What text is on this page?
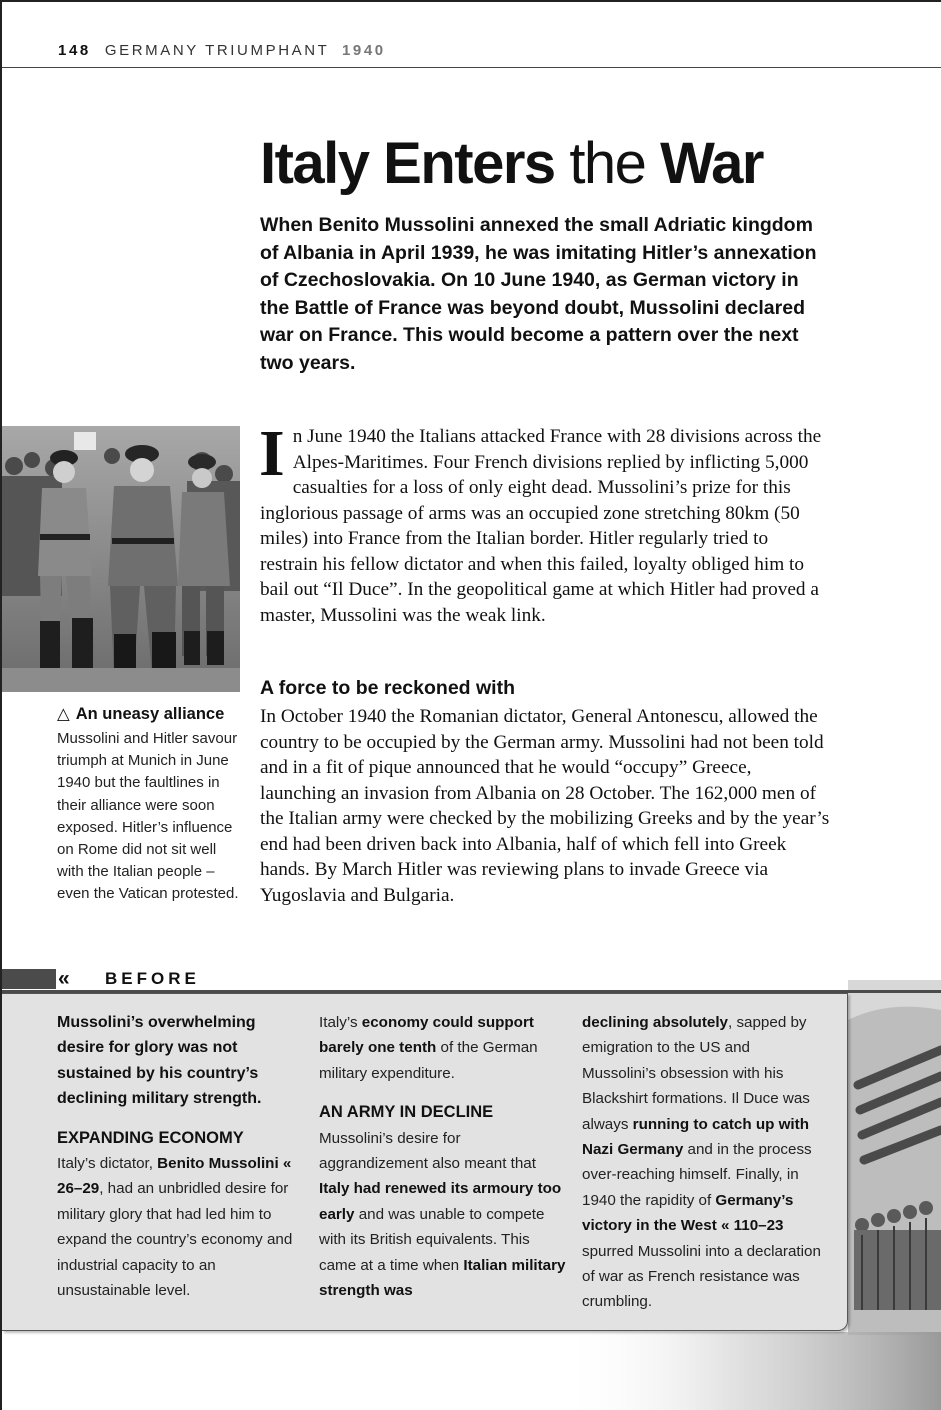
148 GERMANY TRIUMPHANT 1940
Italy Enters the War

When Benito Mussolini annexed the small Adriatic kingdom of Albania in April 1939, he was imitating Hitler’s annexation of Czechoslovakia. On 10 June 1940, as German victory in the Battle of France was beyond doubt, Mussolini declared war on France. This would become a pattern over the next two years.

△ An uneasy alliance
Mussolini and Hitler savour triumph at Munich in June 1940 but the faultlines in their alliance were soon exposed. Hitler’s influence on Rome did not sit well with the Italian people – even the Vatican protested.
In June 1940 the Italians attacked France with 28 divisions across the Alpes-Maritimes. Four French divisions replied by inflicting 5,000 casualties for a loss of only eight dead. Mussolini’s prize for this inglorious passage of arms was an occupied zone stretching 80km (50 miles) into France from the Italian border. Hitler regularly tried to restrain his fellow dictator and when this failed, loyalty obliged him to bail out “Il Duce”. In the geopolitical game at which Hitler had proved a master, Mussolini was the weak link.
A force to be reckoned with
In October 1940 the Romanian dictator, General Antonescu, allowed the country to be occupied by the German army. Mussolini had not been told and in a fit of pique announced that he would “occupy” Greece, launching an invasion from Albania on 28 October. The 162,000 men of the Italian army were checked by the mobilizing Greeks and by the year’s end had been driven back into Albania, half of which fell into Greek hands. By March Hitler was reviewing plans to invade Greece via Yugoslavia and Bulgaria.
« BEFORE

Mussolini’s overwhelming desire for glory was not sustained by his country’s declining military strength.

EXPANDING ECONOMY

Italy’s dictator, Benito Mussolini « 26–29, had an unbridled desire for military glory that had led him to expand the country’s economy and industrial capacity to an unsustainable level.

Italy’s economy could support barely one tenth of the German military expenditure.

AN ARMY IN DECLINE

Mussolini’s desire for aggrandizement also meant that Italy had renewed its armoury too early and was unable to compete with its British equivalents. This came at a time when Italian military strength was

declining absolutely, sapped by emigration to the US and Mussolini’s obsession with his Blackshirt formations. Il Duce was always running to catch up with Nazi Germany and in the process over-reaching himself. Finally, in 1940 the rapidity of Germany’s victory in the West « 110–23 spurred Mussolini into a declaration of war as French resistance was crumbling.
